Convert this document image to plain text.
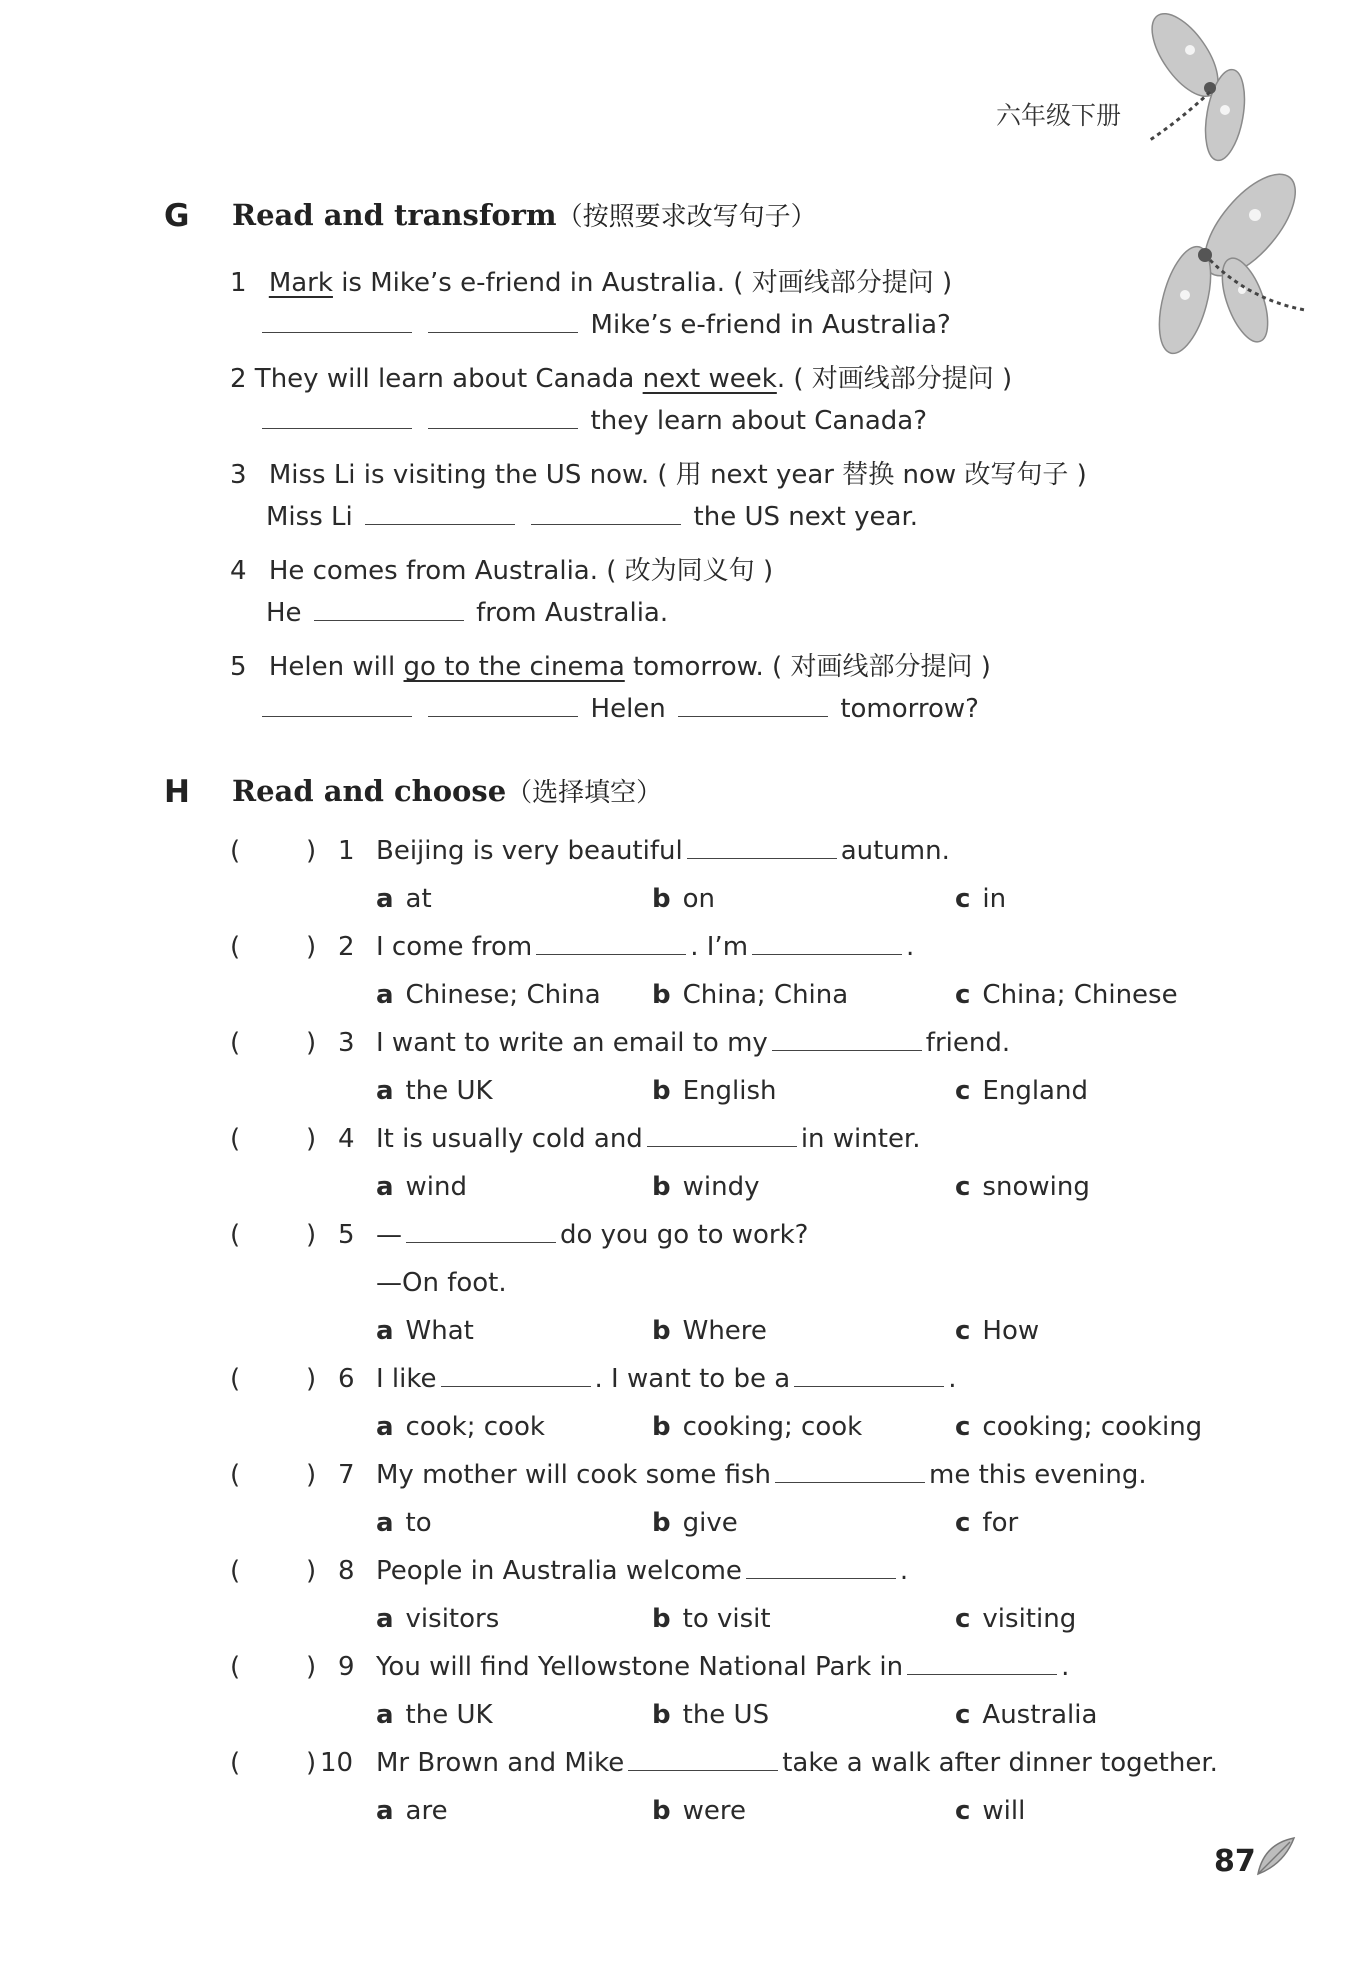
六年级下册
G Read and transform（按照要求改写句子）
1 Mark is Mike’s e-friend in Australia. ( 对画线部分提问 )
Mike’s e-friend in Australia?
2 They will learn about Canada next week. ( 对画线部分提问 )
they learn about Canada?
3 Miss Li is visiting the US now. ( 用 next year 替换 now 改写句子 )
Miss Li	the US next year.
4 He comes from Australia. ( 改为同义句 )
He	from Australia.
5 Helen will go to the cinema tomorrow. ( 对画线部分提问 )
Helen	tomorrow?
H Read and choose（选择填空）
(	) 1 Beijing is very beautiful	autumn.
a at	b on	c in
(	) 2 I come from	. I’m	.
a Chinese; China b China; China	c China; Chinese
(	) 3 I want to write an email to my	friend.
a the UK	b English	c England
(	) 4 It is usually cold and	in winter.
a wind	b windy	c snowing
(	) 5 —	do you go to work?
—On foot.
a What	b Where	c How
(	) 6 I like	. I want to be a	.
a cook; cook	b cooking; cook	c cooking; cooking
(	) 7 My mother will cook some fish	me this evening.
a to	b give	c for
(	) 8 People in Australia welcome	.
a visitors	b to visit	c visiting
(	) 9 You will find Yellowstone National Park in	.
a the UK	b the US	c Australia
(	) 10 Mr Brown and Mike	take a walk after dinner together.
a are	b were	c will
87
